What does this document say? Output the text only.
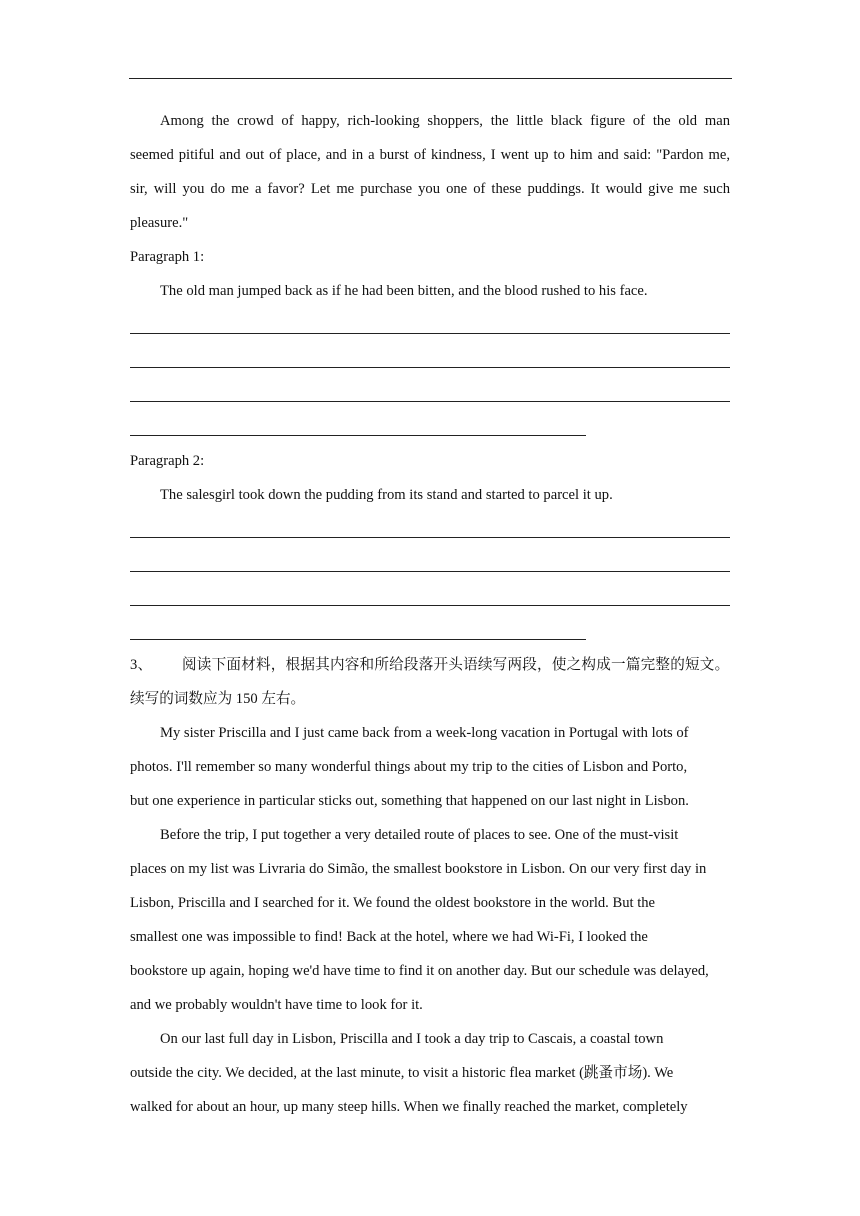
Among the crowd of happy, rich-looking shoppers, the little black figure of the old man
seemed pitiful and out of place, and in a burst of kindness, I went up to him and said: "Pardon me,
sir, will you do me a favor? Let me purchase you one of these puddings. It would give me such
pleasure."
Paragraph 1:
The old man jumped back as if he had been bitten, and the blood rushed to his face.
Paragraph 2:
The salesgirl took down the pudding from its stand and started to parcel it up.
3、 阅读下面材料，根据其内容和所给段落开头语续写两段，使之构成一篇完整的短文。
续写的词数应为 150 左右。
My sister Priscilla and I just came back from a week-long vacation in Portugal with lots of
photos. I'll remember so many wonderful things about my trip to the cities of Lisbon and Porto,
but one experience in particular sticks out, something that happened on our last night in Lisbon.
Before the trip, I put together a very detailed route of places to see. One of the must-visit
places on my list was Livraria do Simão, the smallest bookstore in Lisbon. On our very first day in
Lisbon, Priscilla and I searched for it. We found the oldest bookstore in the world. But the
smallest one was impossible to find! Back at the hotel, where we had Wi-Fi, I looked the
bookstore up again, hoping we'd have time to find it on another day. But our schedule was delayed,
and we probably wouldn't have time to look for it.
On our last full day in Lisbon, Priscilla and I took a day trip to Cascais, a coastal town
outside the city. We decided, at the last minute, to visit a historic flea market (跳蚤市场). We
walked for about an hour, up many steep hills. When we finally reached the market, completely
